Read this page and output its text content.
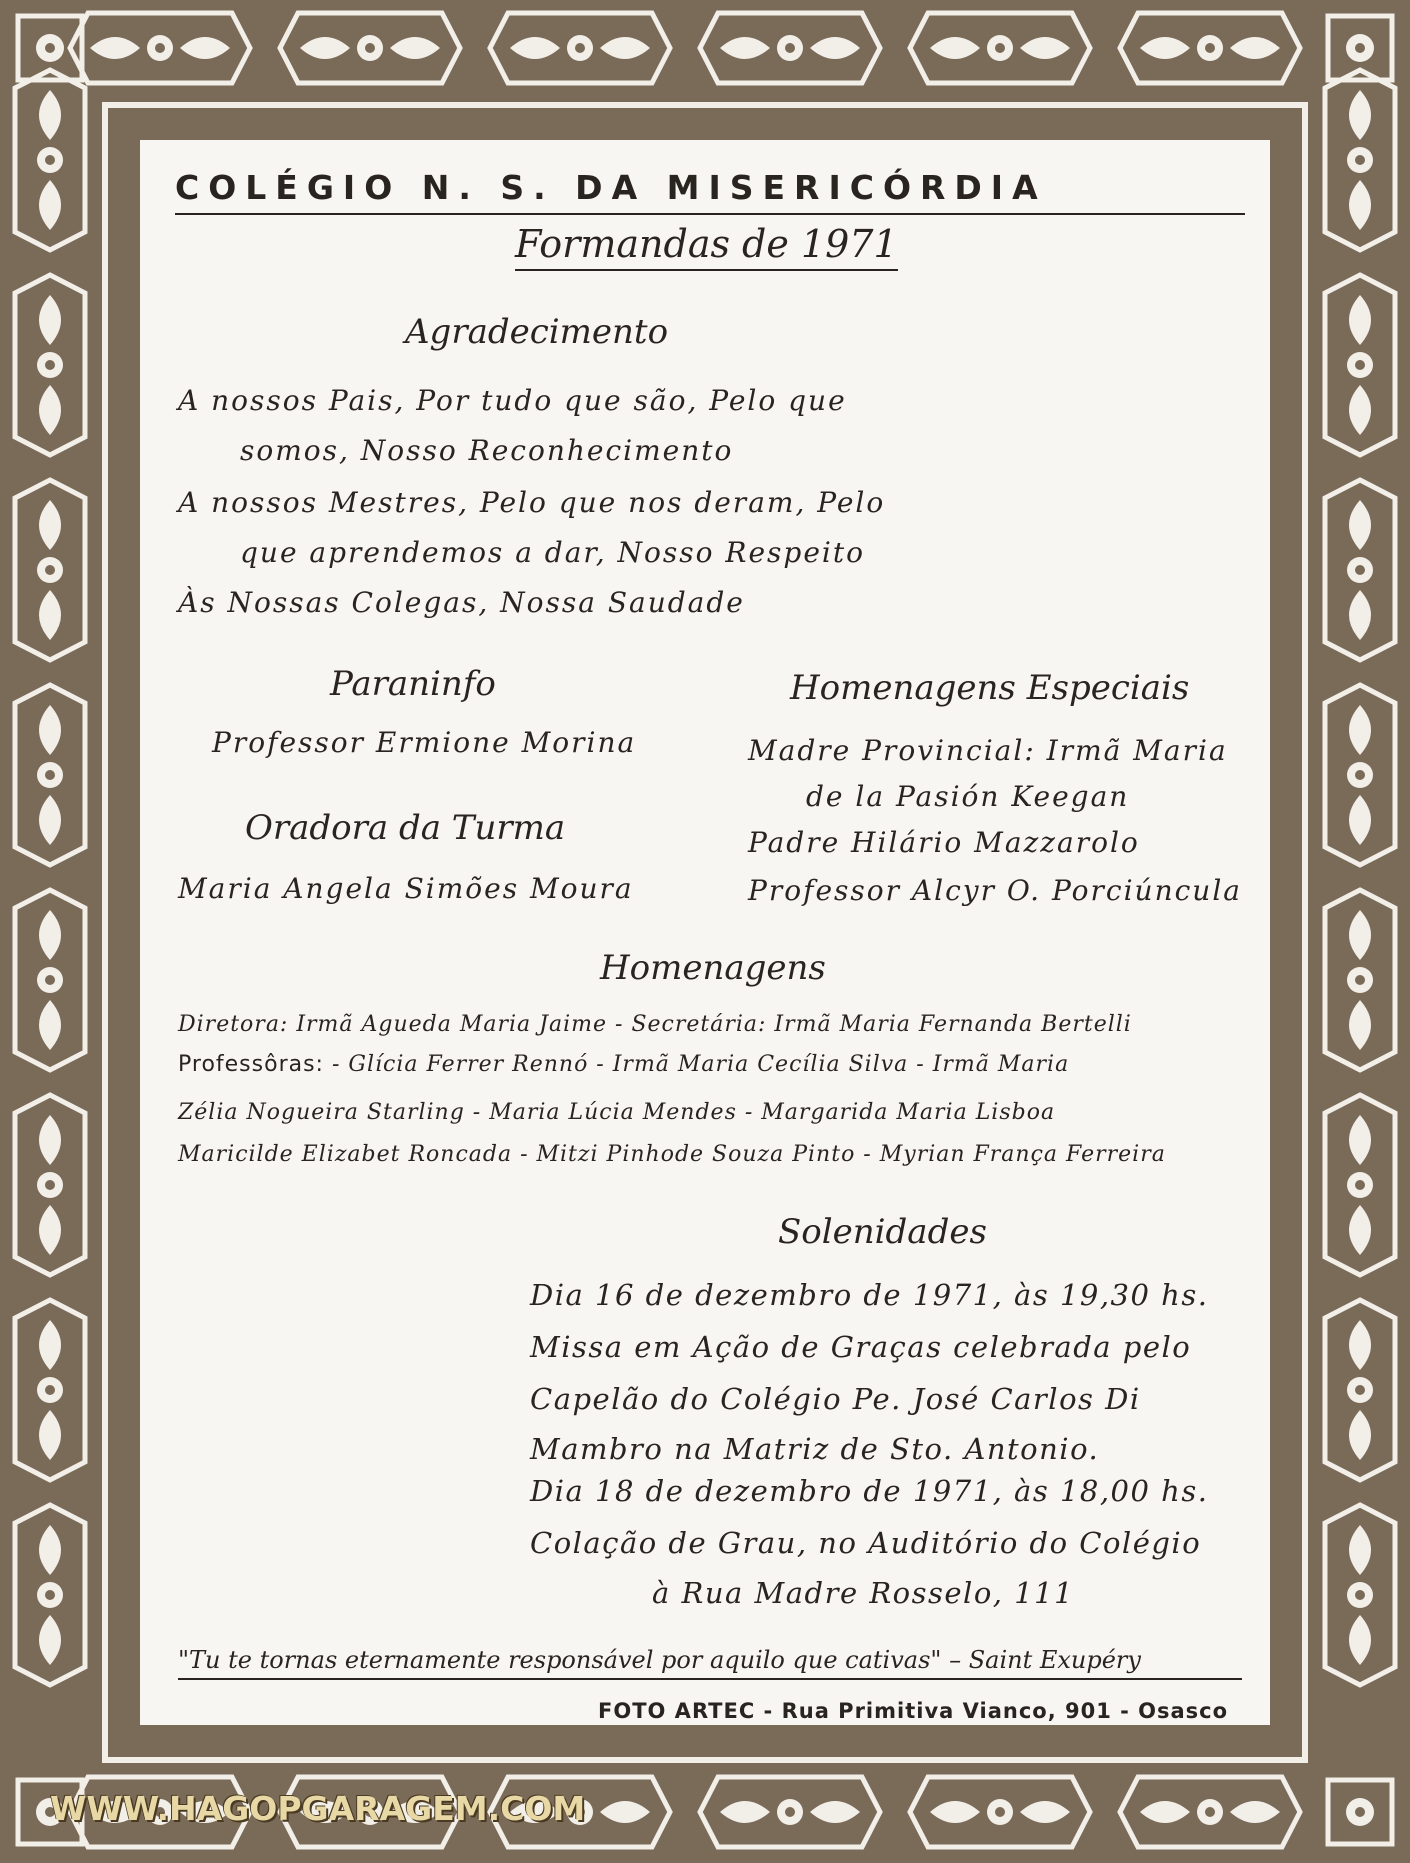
COLÉGIO N. S. DA MISERICÓRDIA
Formandas de 1971
Agradecimento
A nossos Pais, Por tudo que são, Pelo que
somos, Nosso Reconhecimento
A nossos Mestres, Pelo que nos deram, Pelo
que aprendemos a dar, Nosso Respeito
Às Nossas Colegas, Nossa Saudade
Paraninfo
Professor Ermione Morina
Oradora da Turma
Maria Angela Simões Moura
Homenagens Especiais
Madre Provincial: Irmã Maria
de la Pasión Keegan
Padre Hilário Mazzarolo
Professor Alcyr O. Porciúncula
Homenagens
Diretora: Irmã Agueda Maria Jaime - Secretária: Irmã Maria Fernanda Bertelli
Professôras: - Glícia Ferrer Rennó - Irmã Maria Cecília Silva - Irmã Maria
Zélia Nogueira Starling - Maria Lúcia Mendes - Margarida Maria Lisboa
Maricilde Elizabet Roncada - Mitzi Pinhode Souza Pinto - Myrian França Ferreira
Solenidades
Dia 16 de dezembro de 1971, às 19,30 hs.
Missa em Ação de Graças celebrada pelo
Capelão do Colégio Pe. José Carlos Di
Mambro na Matriz de Sto. Antonio.
Dia 18 de dezembro de 1971, às 18,00 hs.
Colação de Grau, no Auditório do Colégio
à Rua Madre Rosselo, 111
"Tu te tornas eternamente responsável por aquilo que cativas" – Saint Exupéry
FOTO ARTEC - Rua Primitiva Vianco, 901 - Osasco
WWW.HAGOPGARAGEM.COM
